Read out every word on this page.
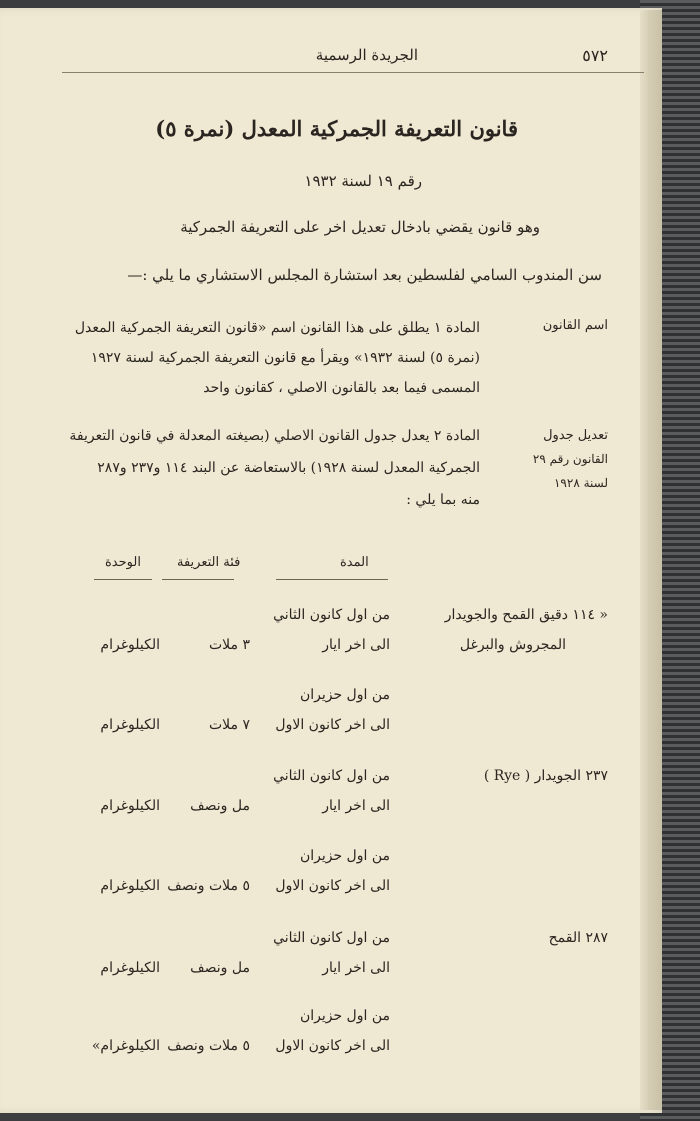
٥٧٢
الجريدة الرسمية
قانون التعريفة الجمركية المعدل (نمرة ٥)
رقم ١٩ لسنة ١٩٣٢
وهو قانون يقضي بادخال تعديل اخر على التعريفة الجمركية
سن المندوب السامي لفلسطين بعد استشارة المجلس الاستشاري ما يلي :—
اسم القانون
المادة ١ يطلق على هذا القانون اسم «قانون التعريفة الجمركية المعدل
(نمرة ٥) لسنة ١٩٣٢» ويقرأ مع قانون التعريفة الجمركية لسنة ١٩٢٧
المسمى فيما بعد بالقانون الاصلي ، كقانون واحد
تعديل جدول
القانون رقم ٢٩
لسنة ١٩٢٨
المادة ٢ يعدل جدول القانون الاصلي (بصيغته المعدلة في قانون التعريفة
الجمركية المعدل لسنة ١٩٢٨) بالاستعاضة عن البند ١١٤ و٢٣٧ و٢٨٧
منه بما يلي :
المدة
فئة التعريفة
الوحدة
« ١١٤ دقيق القمح والجويدار
المجروش والبرغل
من اول كانون الثاني
الى اخر ايار
٣ ملات
الكيلوغرام
من اول حزيران
الى اخر كانون الاول
٧ ملات
الكيلوغرام
٢٣٧ الجويدار ( Rye )
من اول كانون الثاني
الى اخر ايار
مل ونصف
الكيلوغرام
من اول حزيران
الى اخر كانون الاول
٥ ملات ونصف
الكيلوغرام
٢٨٧ القمح
من اول كانون الثاني
الى اخر ايار
مل ونصف
الكيلوغرام
من اول حزيران
الى اخر كانون الاول
٥ ملات ونصف
الكيلوغرام»
